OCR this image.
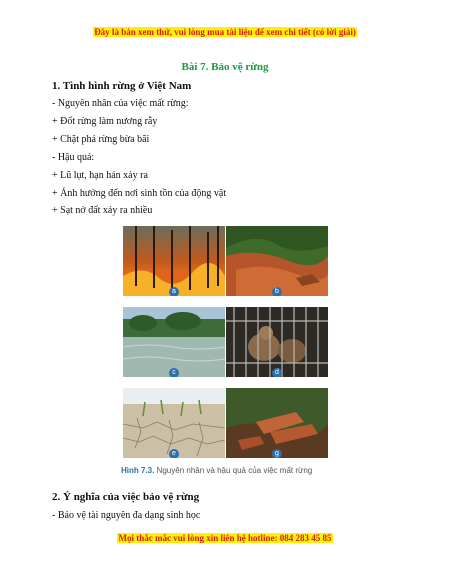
Đây là bản xem thử, vui lòng mua tài liệu để xem chi tiết (có lời giải)
Bài 7. Bảo vệ rừng
1. Tình hình rừng ở Việt Nam
- Nguyên nhân của việc mất rừng:
+ Đốt rừng làm nương rẫy
+ Chặt phá rừng bừa bãi
- Hậu quả:
+ Lũ lụt, hạn hán xảy ra
+ Ảnh hưởng đến nơi sinh tồn của động vật
+ Sạt nở đất xảy ra nhiều
a	b
c	d
e	g
Hình 7.3. Nguyên nhân và hậu quả của việc mất rừng
2. Ý nghĩa của việc bảo vệ rừng
- Bảo vệ tài nguyên đa dạng sinh học
Mọi thắc mắc vui lòng xin liên hệ hotline: 084 283 45 85
